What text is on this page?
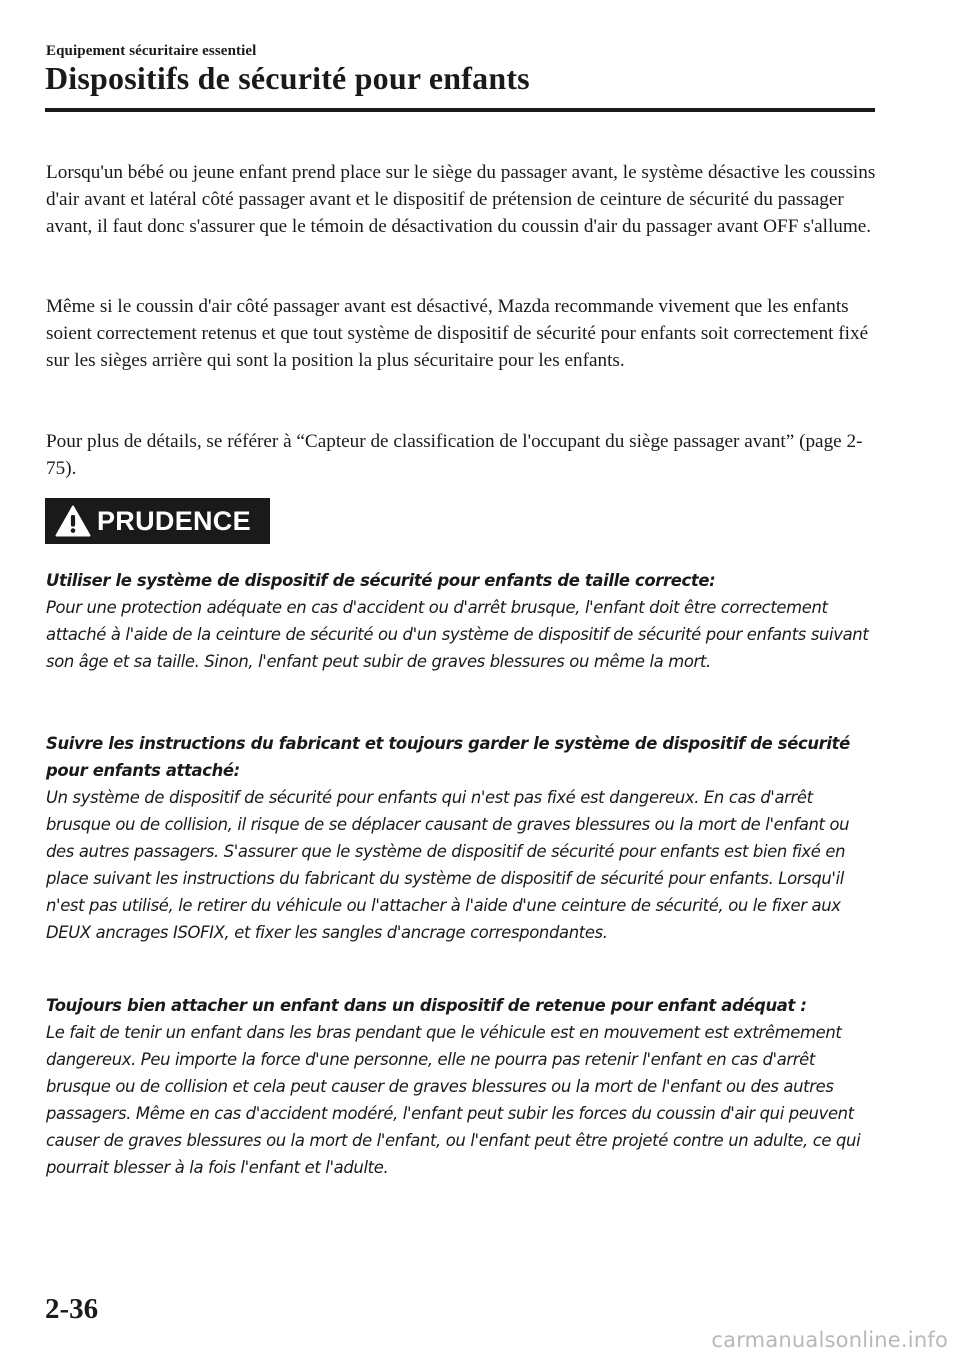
Equipement sécuritaire essentiel
Dispositifs de sécurité pour enfants

Lorsqu'un bébé ou jeune enfant prend place sur le siège du passager avant, le système désactive les coussins d'air avant et latéral côté passager avant et le dispositif de prétension de ceinture de sécurité du passager avant, il faut donc s'assurer que le témoin de désactivation du coussin d'air du passager avant OFF s'allume.

Même si le coussin d'air côté passager avant est désactivé, Mazda recommande vivement que les enfants soient correctement retenus et que tout système de dispositif de sécurité pour enfants soit correctement fixé sur les sièges arrière qui sont la position la plus sécuritaire pour les enfants.

Pour plus de détails, se référer à “Capteur de classification de l'occupant du siège passager avant” (page 2-75).

PRUDENCE

Utiliser le système de dispositif de sécurité pour enfants de taille correcte:
Pour une protection adéquate en cas d'accident ou d'arrêt brusque, l'enfant doit être correctement attaché à l'aide de la ceinture de sécurité ou d'un système de dispositif de sécurité pour enfants suivant son âge et sa taille. Sinon, l'enfant peut subir de graves blessures ou même la mort.

Suivre les instructions du fabricant et toujours garder le système de dispositif de sécurité pour enfants attaché:
Un système de dispositif de sécurité pour enfants qui n'est pas fixé est dangereux. En cas d'arrêt brusque ou de collision, il risque de se déplacer causant de graves blessures ou la mort de l'enfant ou des autres passagers. S'assurer que le système de dispositif de sécurité pour enfants est bien fixé en place suivant les instructions du fabricant du système de dispositif de sécurité pour enfants. Lorsqu'il n'est pas utilisé, le retirer du véhicule ou l'attacher à l'aide d'une ceinture de sécurité, ou le fixer aux DEUX ancrages ISOFIX, et fixer les sangles d'ancrage correspondantes.

Toujours bien attacher un enfant dans un dispositif de retenue pour enfant adéquat :
Le fait de tenir un enfant dans les bras pendant que le véhicule est en mouvement est extrêmement dangereux. Peu importe la force d'une personne, elle ne pourra pas retenir l'enfant en cas d'arrêt brusque ou de collision et cela peut causer de graves blessures ou la mort de l'enfant ou des autres passagers. Même en cas d'accident modéré, l'enfant peut subir les forces du coussin d'air qui peuvent causer de graves blessures ou la mort de l'enfant, ou l'enfant peut être projeté contre un adulte, ce qui pourrait blesser à la fois l'enfant et l'adulte.

2-36
carmanualsonline.info
